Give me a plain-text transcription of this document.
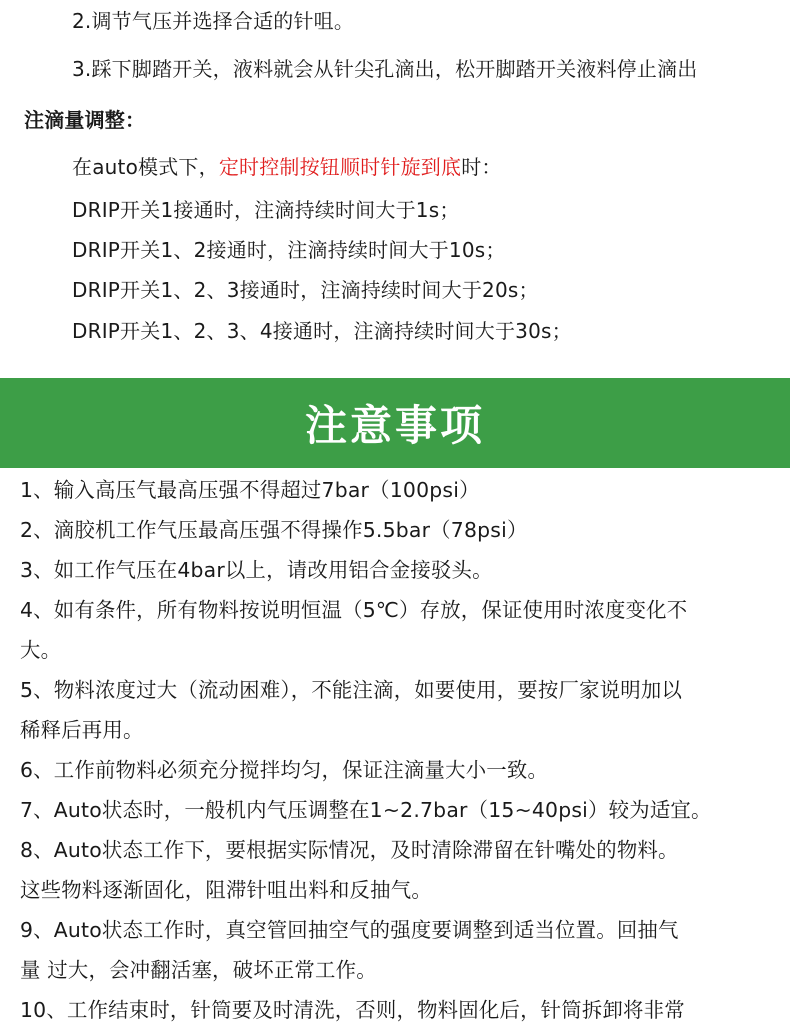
2.调节气压并选择合适的针咀。
3.踩下脚踏开关，液料就会从针尖孔滴出，松开脚踏开关液料停止滴出
注滴量调整：
在auto模式下，定时控制按钮顺时针旋到底时：
DRIP开关1接通时，注滴持续时间大于1s；
DRIP开关1、2接通时，注滴持续时间大于10s；
DRIP开关1、2、3接通时，注滴持续时间大于20s；
DRIP开关1、2、3、4接通时，注滴持续时间大于30s；
注意事项
1、输入高压气最高压强不得超过7bar（100psi）
2、滴胶机工作气压最高压强不得操作5.5bar（78psi）
3、如工作气压在4bar以上，请改用铝合金接驳头。
4、如有条件，所有物料按说明恒温（5℃）存放，保证使用时浓度变化不
大。
5、物料浓度过大（流动困难），不能注滴，如要使用，要按厂家说明加以
稀释后再用。
6、工作前物料必须充分搅拌均匀，保证注滴量大小一致。
7、Auto状态时，一般机内气压调整在1~2.7bar（15~40psi）较为适宜。
8、Auto状态工作下，要根据实际情况，及时清除滞留在针嘴处的物料。
这些物料逐渐固化，阻滞针咀出料和反抽气。
9、Auto状态工作时，真空管回抽空气的强度要调整到适当位置。回抽气
量 过大，会冲翻活塞，破坏正常工作。
10、工作结束时，针筒要及时清洗，否则，物料固化后，针筒拆卸将非常
